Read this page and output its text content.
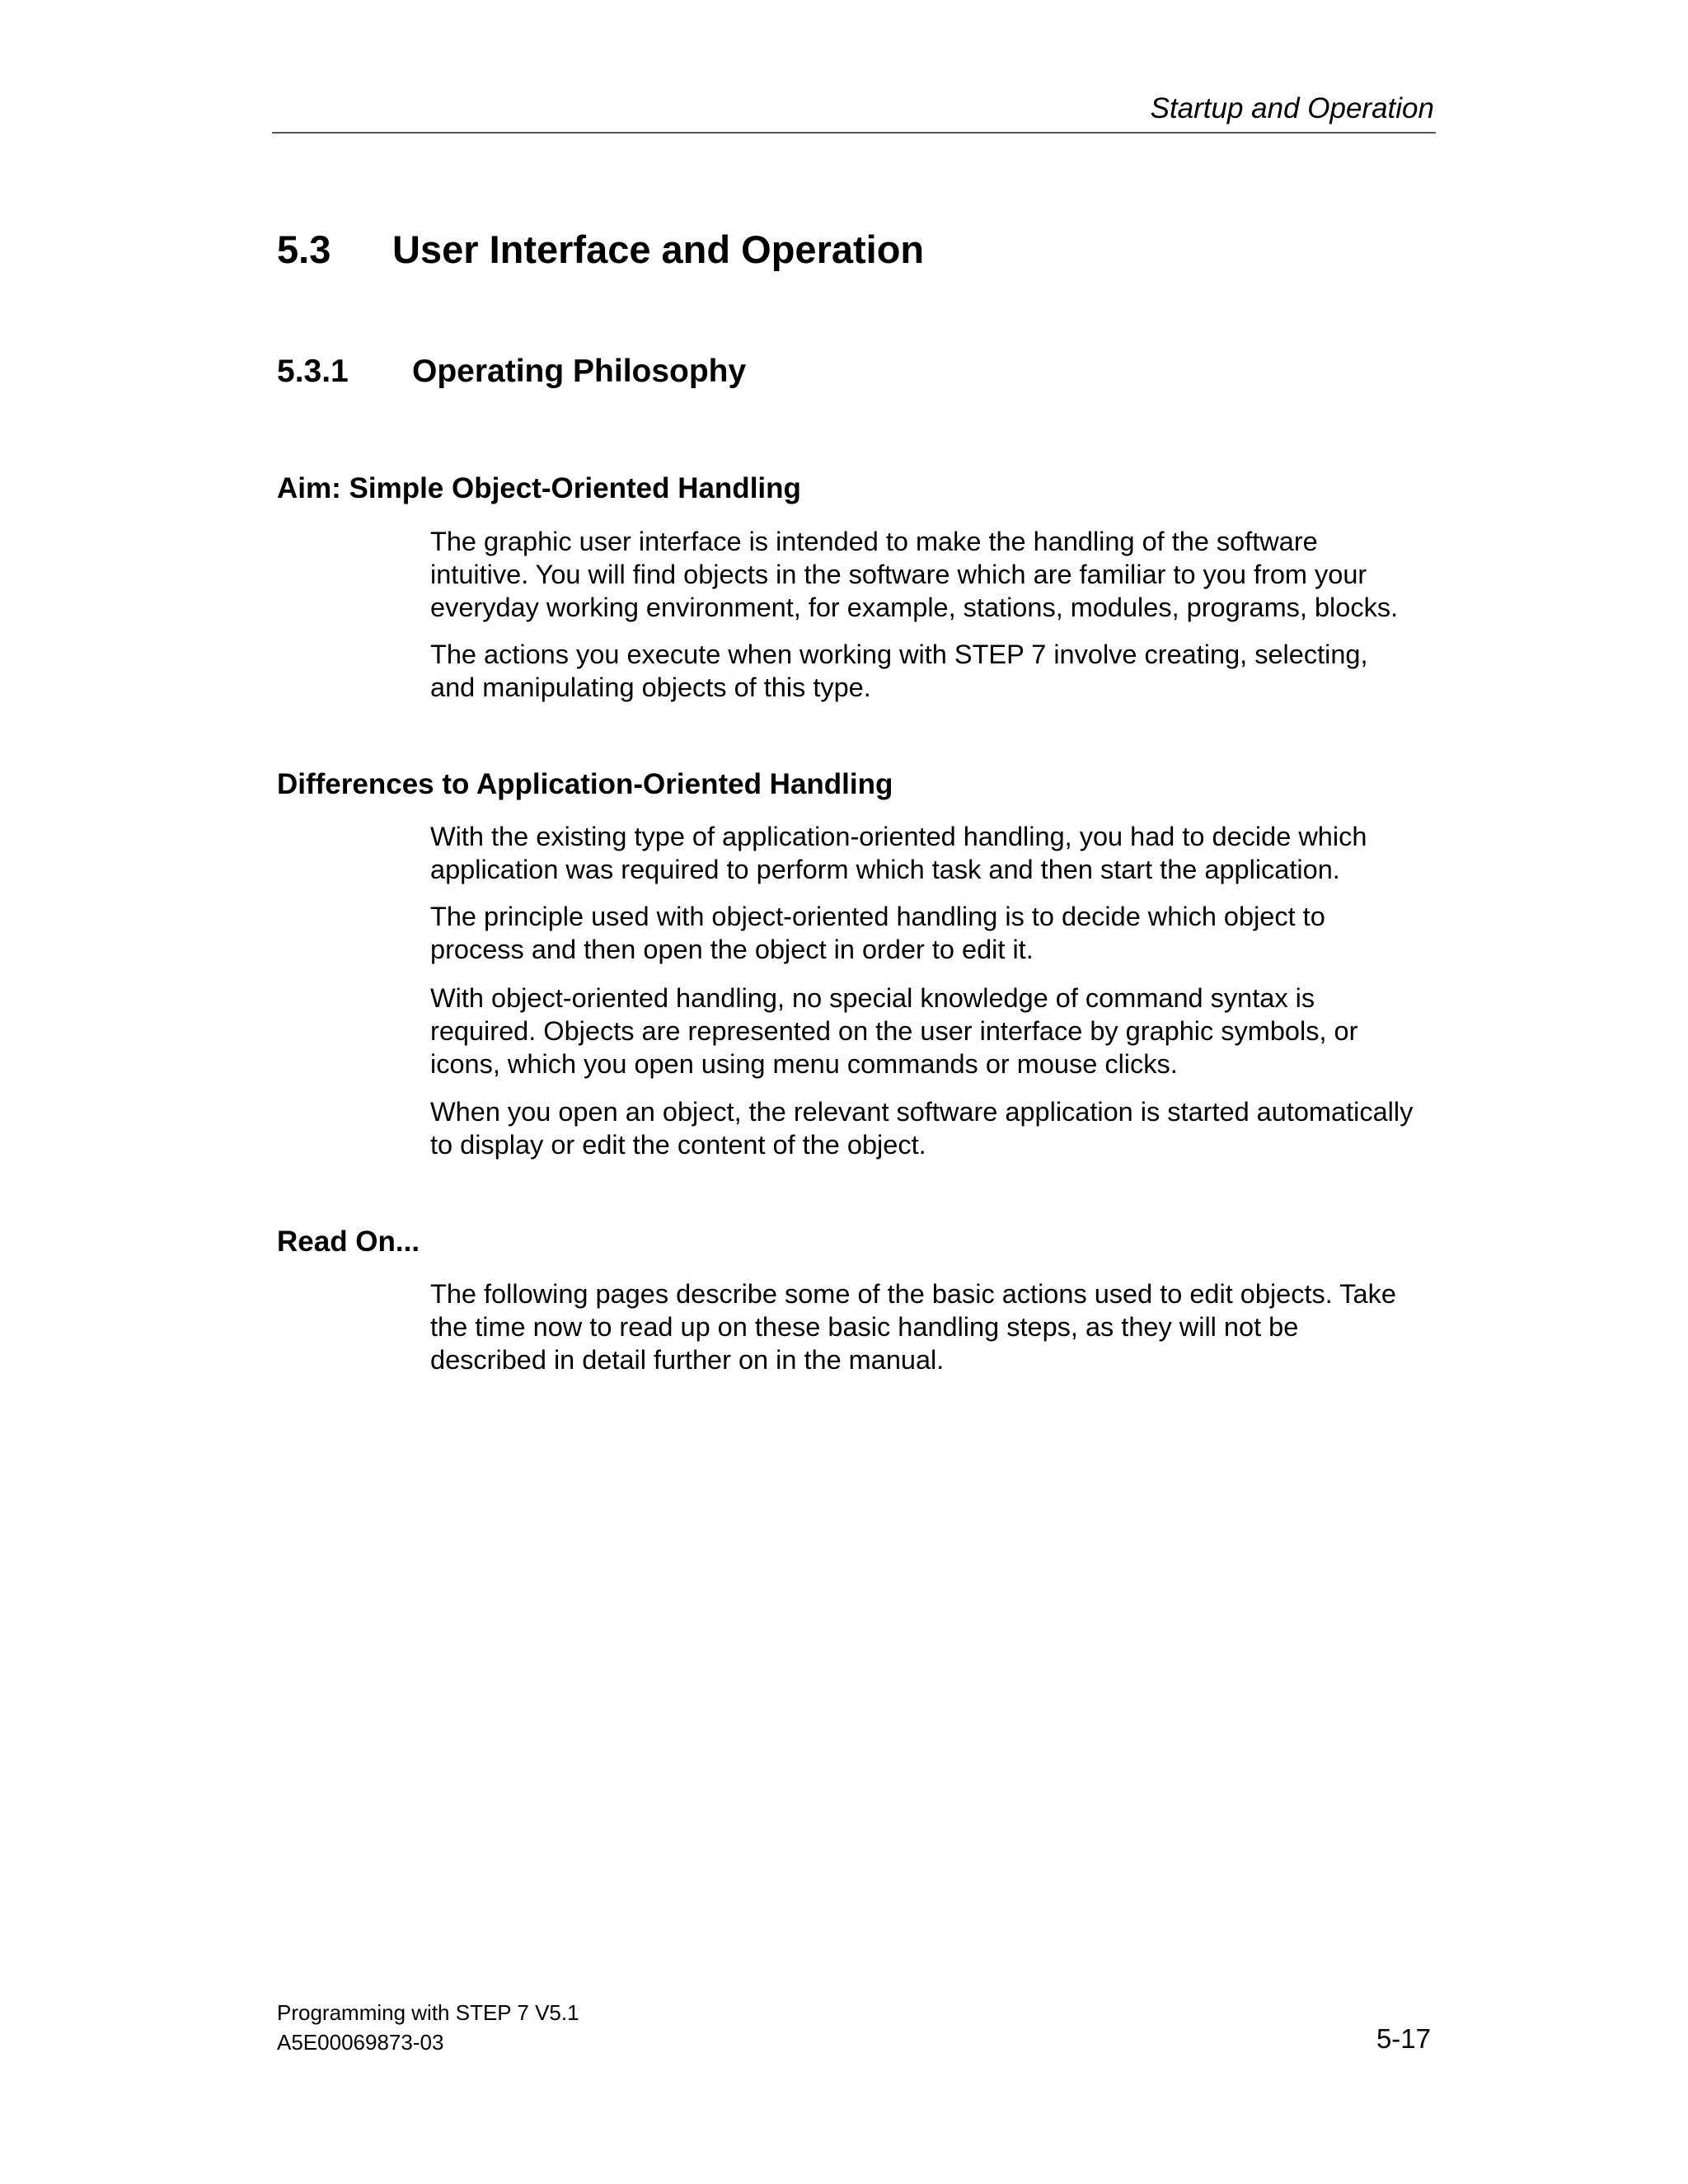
Startup and Operation
5.3 User Interface and Operation
5.3.1 Operating Philosophy
Aim: Simple Object-Oriented Handling

The graphic user interface is intended to make the handling of the software
intuitive. You will find objects in the software which are familiar to you from your
everyday working environment, for example, stations, modules, programs, blocks.

The actions you execute when working with STEP 7 involve creating, selecting,
and manipulating objects of this type.

Differences to Application-Oriented Handling

With the existing type of application-oriented handling, you had to decide which
application was required to perform which task and then start the application.

The principle used with object-oriented handling is to decide which object to
process and then open the object in order to edit it.

With object-oriented handling, no special knowledge of command syntax is
required. Objects are represented on the user interface by graphic symbols, or
icons, which you open using menu commands or mouse clicks.

When you open an object, the relevant software application is started automatically
to display or edit the content of the object.

Read On...

The following pages describe some of the basic actions used to edit objects. Take
the time now to read up on these basic handling steps, as they will not be
described in detail further on in the manual.

Programming with STEP 7 V5.1
A5E00069873-03	5-17
